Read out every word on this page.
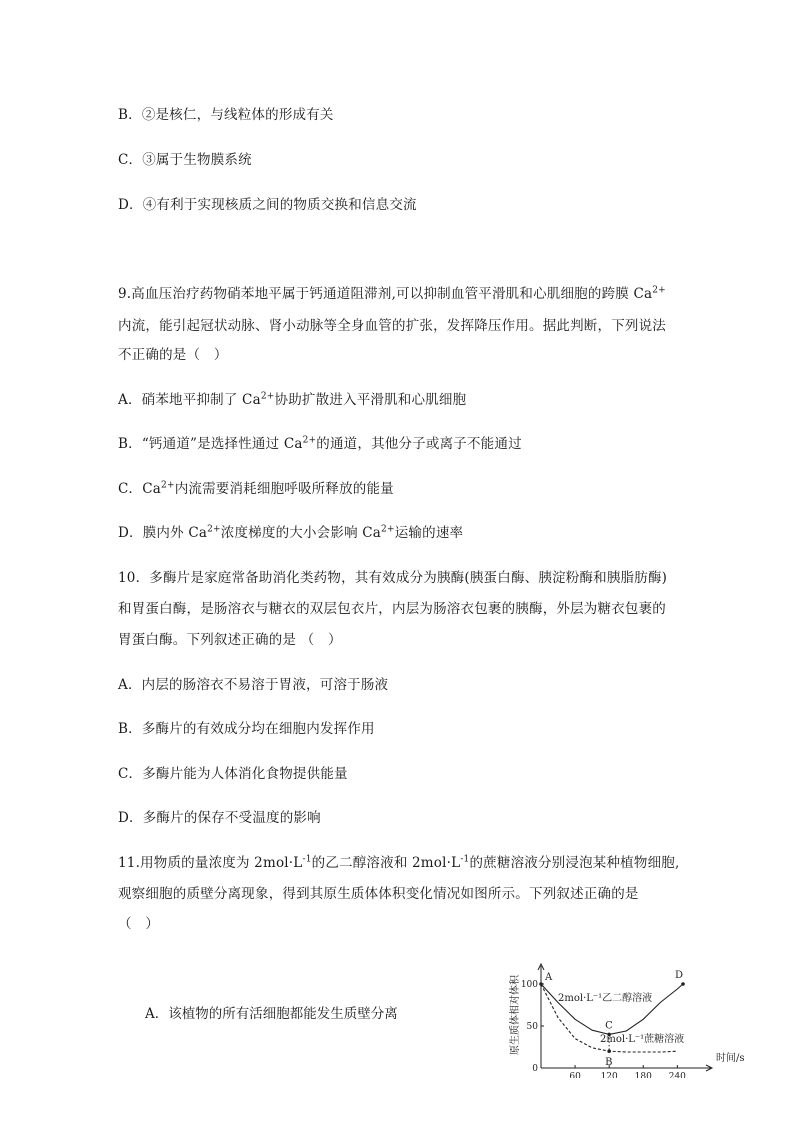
B．②是核仁，与线粒体的形成有关
C．③属于生物膜系统
D．④有利于实现核质之间的物质交换和信息交流
9.高血压治疗药物硝苯地平属于钙通道阻滞剂,可以抑制血管平滑肌和心肌细胞的跨膜 $Ca^{2+}$
内流，能引起冠状动脉、肾小动脉等全身血管的扩张，发挥降压作用。据此判断，下列说法
不正确的是（　）
A．硝苯地平抑制了 $Ca^{2+}$协助扩散进入平滑肌和心肌细胞
B．“钙通道”是选择性通过 $Ca^{2+}$的通道，其他分子或离子不能通过
C．$Ca^{2+}$内流需要消耗细胞呼吸所释放的能量
D．膜内外 $Ca^{2+}$浓度梯度的大小会影响 $Ca^{2+}$运输的速率
10．多酶片是家庭常备助消化类药物，其有效成分为胰酶(胰蛋白酶、胰淀粉酶和胰脂肪酶)
和胃蛋白酶，是肠溶衣与糖衣的双层包衣片，内层为肠溶衣包裹的胰酶，外层为糖衣包裹的
胃蛋白酶。下列叙述正确的是 （　）
A．内层的肠溶衣不易溶于胃液，可溶于肠液
B．多酶片的有效成分均在细胞内发挥作用
C．多酶片能为人体消化食物提供能量
D．多酶片的保存不受温度的影响
11.用物质的量浓度为 $2mol\cdot L^{-1}$的乙二醇溶液和 $2mol\cdot L^{-1}$的蔗糖溶液分别浸泡某种植物细胞,
观察细胞的质壁分离现象，得到其原生质体体积变化情况如图所示。下列叙述正确的是
（　）
A．该植物的所有活细胞都能发生质壁分离	原生质体相对体积
60 120 180 240
100
50
0
A
B
C
D
2mol·L⁻¹乙二醇溶液
2mol·L⁻¹蔗糖溶液
时间/s
